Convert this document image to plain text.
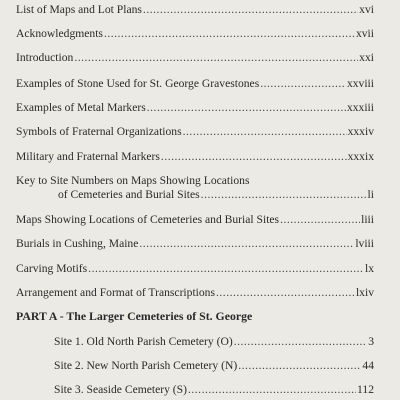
List of Maps and Lot Plans .....	xvi
Acknowledgments .....	xvii
Introduction .....	xxi
Examples of Stone Used for St. George Gravestones .....	xxviii
Examples of Metal Markers .....	xxxiii
Symbols of Fraternal Organizations .....	xxxiv
Military and Fraternal Markers .....	xxxix
Key to Site Numbers on Maps Showing Locations
of Cemeteries and Burial Sites .....	li
Maps Showing Locations of Cemeteries and Burial Sites .....	liii
Burials in Cushing, Maine .....	lviii
Carving Motifs .....	lx
Arrangement and Format of Transcriptions .....	lxiv
PART A - The Larger Cemeteries of St. George
Site 1. Old North Parish Cemetery (O) .....	3
Site 2. New North Parish Cemetery (N) .....	44
Site 3. Seaside Cemetery (S) .....	112
